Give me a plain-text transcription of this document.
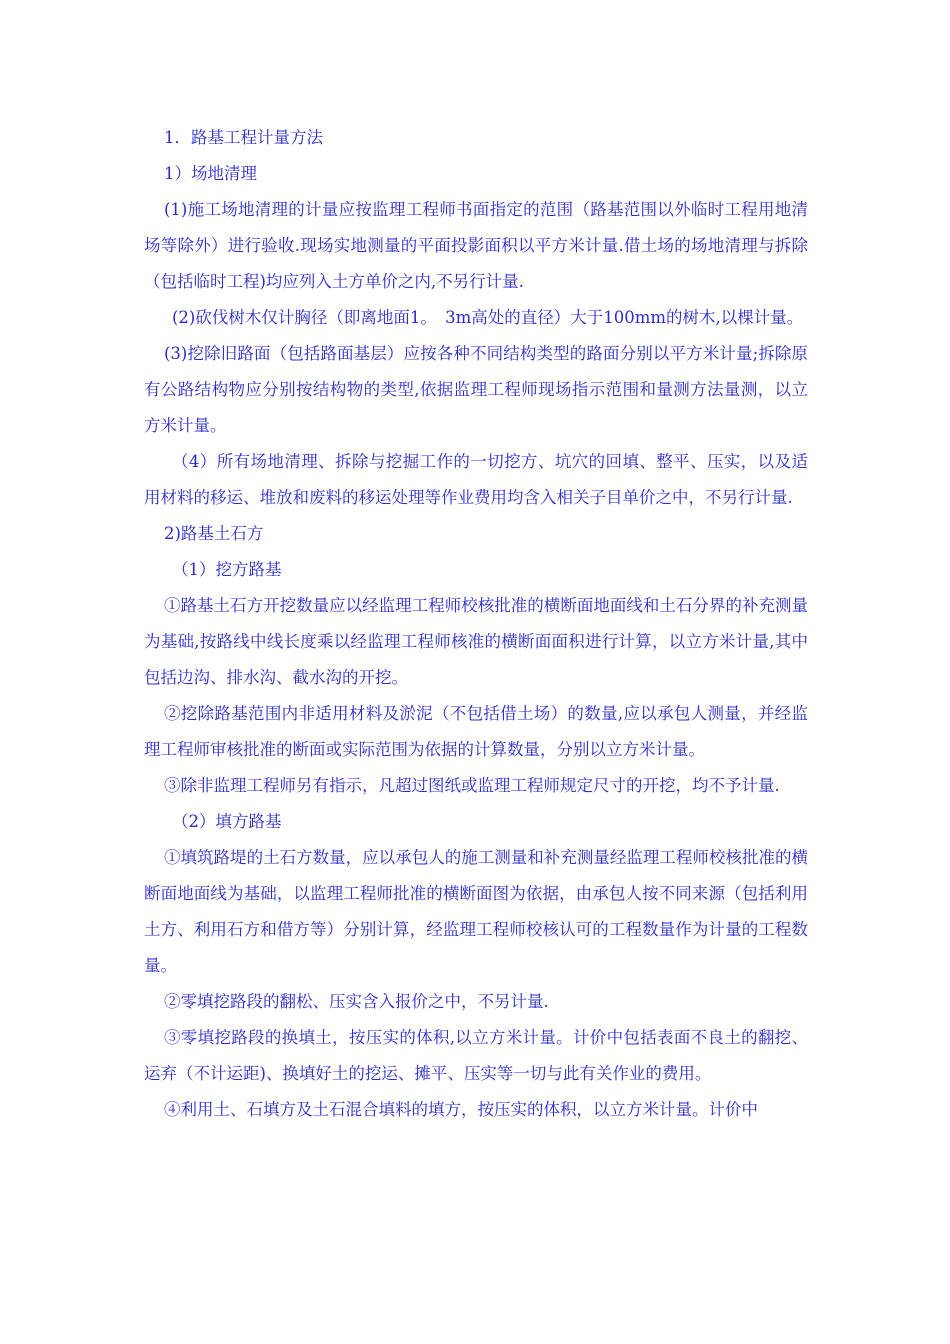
1．路基工程计量方法

1）场地清理

(1)施工场地清理的计量应按监理工程师书面指定的范围（路基范围以外临时工程用地清场等除外）进行验收.现场实地测量的平面投影面积以平方米计量.借土场的场地清理与拆除（包括临时工程)均应列入土方单价之内,不另行计量.

(2)砍伐树木仅计胸径（即离地面1。　3m高处的直径）大于100mm的树木,以棵计量。

(3)挖除旧路面（包括路面基层）应按各种不同结构类型的路面分别以平方米计量;拆除原有公路结构物应分别按结构物的类型,依据监理工程师现场指示范围和量测方法量测，以立方米计量。

（4）所有场地清理、拆除与挖掘工作的一切挖方、坑穴的回填、整平、压实，以及适用材料的移运、堆放和废料的移运处理等作业费用均含入相关子目单价之中，不另行计量.

2)路基土石方

（1）挖方路基

①路基土石方开挖数量应以经监理工程师校核批准的横断面地面线和土石分界的补充测量为基础,按路线中线长度乘以经监理工程师核准的横断面面积进行计算，以立方米计量,其中包括边沟、排水沟、截水沟的开挖。

②挖除路基范围内非适用材料及淤泥（不包括借土场）的数量,应以承包人测量，并经监理工程师审核批准的断面或实际范围为依据的计算数量，分别以立方米计量。

③除非监理工程师另有指示，凡超过图纸或监理工程师规定尺寸的开挖，均不予计量.

（2）填方路基

①填筑路堤的土石方数量，应以承包人的施工测量和补充测量经监理工程师校核批准的横断面地面线为基础，以监理工程师批准的横断面图为依据，由承包人按不同来源（包括利用土方、利用石方和借方等）分别计算，经监理工程师校核认可的工程数量作为计量的工程数量。

②零填挖路段的翻松、压实含入报价之中，不另计量.

③零填挖路段的换填土，按压实的体积,以立方米计量。计价中包括表面不良土的翻挖、运弃（不计运距)、换填好土的挖运、摊平、压实等一切与此有关作业的费用。

④利用土、石填方及土石混合填料的填方，按压实的体积，以立方米计量。计价中
